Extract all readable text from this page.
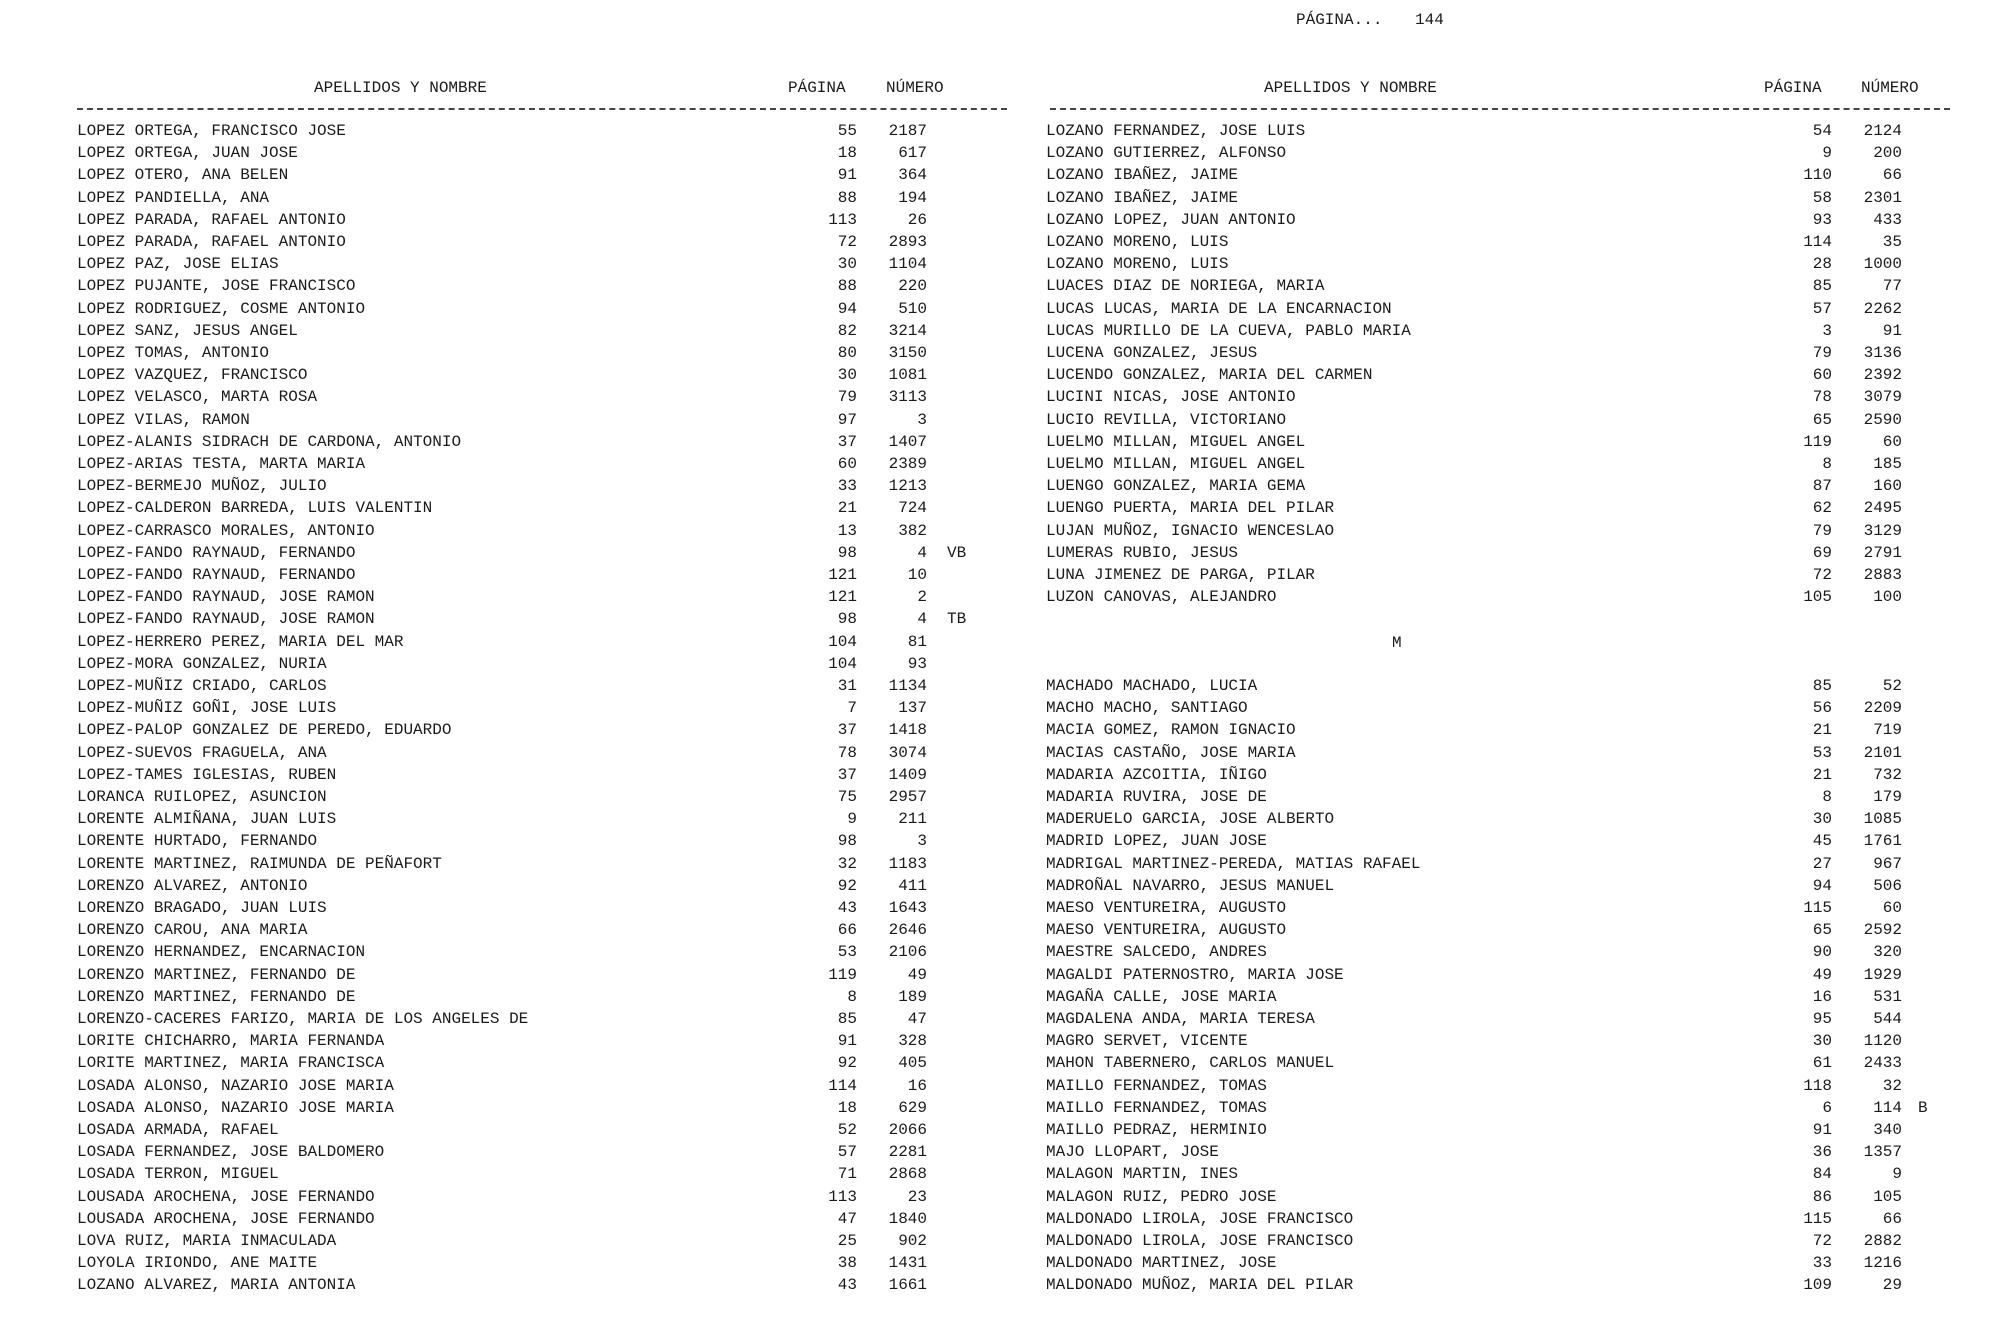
PÁGINA... 144
APELLIDOS Y NOMBRE	PÁGINA	NÚMERO	APELLIDOS Y NOMBRE	PÁGINA NÚMERO
M
LOPEZ ORTEGA, FRANCISCO JOSE	55	2187
LOPEZ ORTEGA, JUAN JOSE	18	617
LOPEZ OTERO, ANA BELEN	91	364
LOPEZ PANDIELLA, ANA	88	194
LOPEZ PARADA, RAFAEL ANTONIO	113	26
LOPEZ PARADA, RAFAEL ANTONIO	72	2893
LOPEZ PAZ, JOSE ELIAS	30	1104
LOPEZ PUJANTE, JOSE FRANCISCO	88	220
LOPEZ RODRIGUEZ, COSME ANTONIO	94	510
LOPEZ SANZ, JESUS ANGEL	82	3214
LOPEZ TOMAS, ANTONIO	80	3150
LOPEZ VAZQUEZ, FRANCISCO	30	1081
LOPEZ VELASCO, MARTA ROSA	79	3113
LOPEZ VILAS, RAMON	97	3
LOPEZ-ALANIS SIDRACH DE CARDONA, ANTONIO	37	1407
LOPEZ-ARIAS TESTA, MARTA MARIA	60	2389
LOPEZ-BERMEJO MUÑOZ, JULIO	33	1213
LOPEZ-CALDERON BARREDA, LUIS VALENTIN	21	724
LOPEZ-CARRASCO MORALES, ANTONIO	13	382
LOPEZ-FANDO RAYNAUD, FERNANDO	98	4 VB
LOPEZ-FANDO RAYNAUD, FERNANDO	121	10
LOPEZ-FANDO RAYNAUD, JOSE RAMON	121	2
LOPEZ-FANDO RAYNAUD, JOSE RAMON	98	4 TB
LOPEZ-HERRERO PEREZ, MARIA DEL MAR	104	81
LOPEZ-MORA GONZALEZ, NURIA	104	93
LOPEZ-MUÑIZ CRIADO, CARLOS	31	1134
LOPEZ-MUÑIZ GOÑI, JOSE LUIS	7	137
LOPEZ-PALOP GONZALEZ DE PEREDO, EDUARDO	37	1418
LOPEZ-SUEVOS FRAGUELA, ANA	78	3074
LOPEZ-TAMES IGLESIAS, RUBEN	37	1409
LORANCA RUILOPEZ, ASUNCION	75	2957
LORENTE ALMIÑANA, JUAN LUIS	9	211
LORENTE HURTADO, FERNANDO	98	3
LORENTE MARTINEZ, RAIMUNDA DE PEÑAFORT	32	1183
LORENZO ALVAREZ, ANTONIO	92	411
LORENZO BRAGADO, JUAN LUIS	43	1643
LORENZO CAROU, ANA MARIA	66	2646
LORENZO HERNANDEZ, ENCARNACION	53	2106
LORENZO MARTINEZ, FERNANDO DE	119	49
LORENZO MARTINEZ, FERNANDO DE	8	189
LORENZO-CACERES FARIZO, MARIA DE LOS ANGELES DE	85	47
LORITE CHICHARRO, MARIA FERNANDA	91	328
LORITE MARTINEZ, MARIA FRANCISCA	92	405
LOSADA ALONSO, NAZARIO JOSE MARIA	114	16
LOSADA ALONSO, NAZARIO JOSE MARIA	18	629
LOSADA ARMADA, RAFAEL	52	2066
LOSADA FERNANDEZ, JOSE BALDOMERO	57	2281
LOSADA TERRON, MIGUEL	71	2868
LOUSADA AROCHENA, JOSE FERNANDO	113	23
LOUSADA AROCHENA, JOSE FERNANDO	47	1840
LOVA RUIZ, MARIA INMACULADA	25	902
LOYOLA IRIONDO, ANE MAITE	38	1431
LOZANO ALVAREZ, MARIA ANTONIA	43	1661
LOZANO FERNANDEZ, JOSE LUIS	54	2124
LOZANO GUTIERREZ, ALFONSO	9	200
LOZANO IBAÑEZ, JAIME	110	66
LOZANO IBAÑEZ, JAIME	58	2301
LOZANO LOPEZ, JUAN ANTONIO	93	433
LOZANO MORENO, LUIS	114	35
LOZANO MORENO, LUIS	28	1000
LUACES DIAZ DE NORIEGA, MARIA	85	77
LUCAS LUCAS, MARIA DE LA ENCARNACION	57	2262
LUCAS MURILLO DE LA CUEVA, PABLO MARIA	3	91
LUCENA GONZALEZ, JESUS	79	3136
LUCENDO GONZALEZ, MARIA DEL CARMEN	60	2392
LUCINI NICAS, JOSE ANTONIO	78	3079
LUCIO REVILLA, VICTORIANO	65	2590
LUELMO MILLAN, MIGUEL ANGEL	119	60
LUELMO MILLAN, MIGUEL ANGEL	8	185
LUENGO GONZALEZ, MARIA GEMA	87	160
LUENGO PUERTA, MARIA DEL PILAR	62	2495
LUJAN MUÑOZ, IGNACIO WENCESLAO	79	3129
LUMERAS RUBIO, JESUS	69	2791
LUNA JIMENEZ DE PARGA, PILAR	72	2883
LUZON CANOVAS, ALEJANDRO	105	100
MACHADO MACHADO, LUCIA	85	52
MACHO MACHO, SANTIAGO	56	2209
MACIA GOMEZ, RAMON IGNACIO	21	719
MACIAS CASTAÑO, JOSE MARIA	53	2101
MADARIA AZCOITIA, IÑIGO	21	732
MADARIA RUVIRA, JOSE DE	8	179
MADERUELO GARCIA, JOSE ALBERTO	30	1085
MADRID LOPEZ, JUAN JOSE	45	1761
MADRIGAL MARTINEZ-PEREDA, MATIAS RAFAEL	27	967
MADROÑAL NAVARRO, JESUS MANUEL	94	506
MAESO VENTUREIRA, AUGUSTO	115	60
MAESO VENTUREIRA, AUGUSTO	65	2592
MAESTRE SALCEDO, ANDRES	90	320
MAGALDI PATERNOSTRO, MARIA JOSE	49	1929
MAGAÑA CALLE, JOSE MARIA	16	531
MAGDALENA ANDA, MARIA TERESA	95	544
MAGRO SERVET, VICENTE	30	1120
MAHON TABERNERO, CARLOS MANUEL	61	2433
MAILLO FERNANDEZ, TOMAS	118	32
MAILLO FERNANDEZ, TOMAS	6	114 B
MAILLO PEDRAZ, HERMINIO	91	340
MAJO LLOPART, JOSE	36	1357
MALAGON MARTIN, INES	84	9
MALAGON RUIZ, PEDRO JOSE	86	105
MALDONADO LIROLA, JOSE FRANCISCO	115	66
MALDONADO LIROLA, JOSE FRANCISCO	72	2882
MALDONADO MARTINEZ, JOSE	33	1216
MALDONADO MUÑOZ, MARIA DEL PILAR	109	29
